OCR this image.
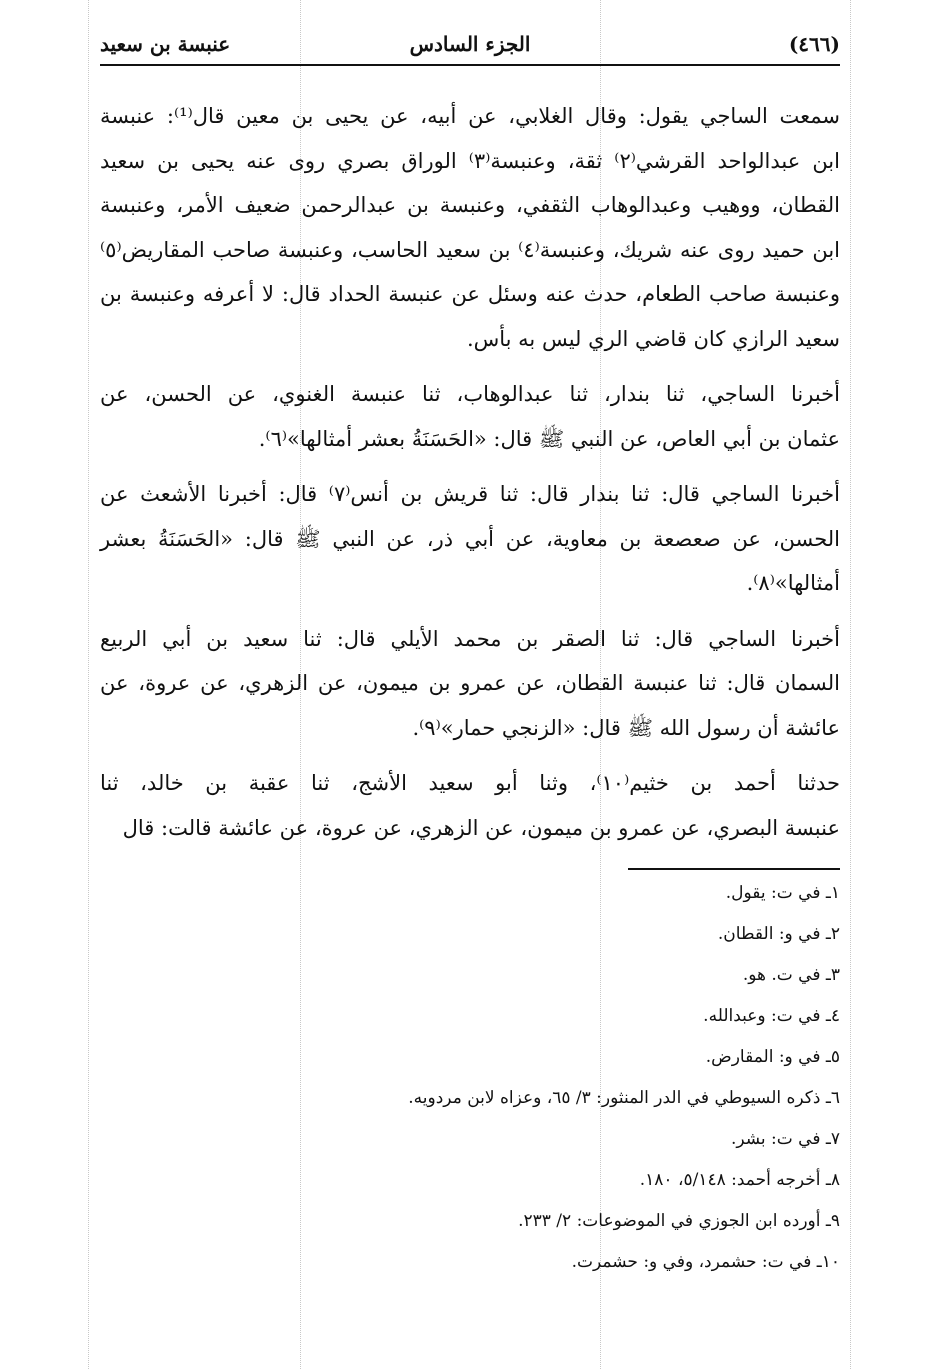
(٤٦٦)
الجزء السادس
عنبسة بن سعيد
سمعت الساجي يقول: وقال الغلابي، عن أبيه، عن يحيى بن معين قال⁽¹⁾: عنبسة
ابن عبدالواحد القرشي⁽٢⁾ ثقة، وعنبسة⁽٣⁾ الوراق بصري روى عنه يحيى بن سعيد
القطان، ووهيب وعبدالوهاب الثقفي، وعنبسة بن عبدالرحمن ضعيف الأمر، وعنبسة
ابن حميد روى عنه شريك، وعنبسة⁽٤⁾ بن سعيد الحاسب، وعنبسة صاحب المقاريض⁽٥⁾
وعنبسة صاحب الطعام، حدث عنه وسئل عن عنبسة الحداد قال: لا أعرفه وعنبسة بن
سعيد الرازي كان قاضي الري ليس به بأس.
أخبرنا الساجي، ثنا بندار، ثنا عبدالوهاب، ثنا عنبسة الغنوي، عن الحسن، عن
عثمان بن أبي العاص، عن النبي ﷺ قال: «الحَسَنَةُ بعشر أمثالها»⁽٦⁾.
أخبرنا الساجي قال: ثنا بندار قال: ثنا قريش بن أنس⁽٧⁾ قال: أخبرنا الأشعث عن
الحسن، عن صعصعة بن معاوية، عن أبي ذر، عن النبي ﷺ قال: «الحَسَنَةُ بعشر
أمثالها»⁽٨⁾.
أخبرنا الساجي قال: ثنا الصقر بن محمد الأيلي قال: ثنا سعيد بن أبي الربيع
السمان قال: ثنا عنبسة القطان، عن عمرو بن ميمون، عن الزهري، عن عروة، عن
عائشة أن رسول الله ﷺ قال: «الزنجي حمار»⁽٩⁾.
حدثنا أحمد بن خثيم⁽١٠⁾، وثنا أبو سعيد الأشج، ثنا عقبة بن خالد، ثنا
عنبسة البصري، عن عمرو بن ميمون، عن الزهري، عن عروة، عن عائشة قالت: قال
١ـ في ت: يقول.
٢ـ في و: القطان.
٣ـ في ت. هو.
٤ـ في ت: وعبدالله.
٥ـ في و: المقارض.
٦ـ ذكره السيوطي في الدر المنثور: ٣/ ٦٥، وعزاه لابن مردويه.
٧ـ في ت: بشر.
٨ـ أخرجه أحمد: ٥/١٤٨، ١٨٠.
٩ـ أورده ابن الجوزي في الموضوعات: ٢/ ٢٣٣.
١٠ـ في ت: حشمرد، وفي و: حشمرت.
